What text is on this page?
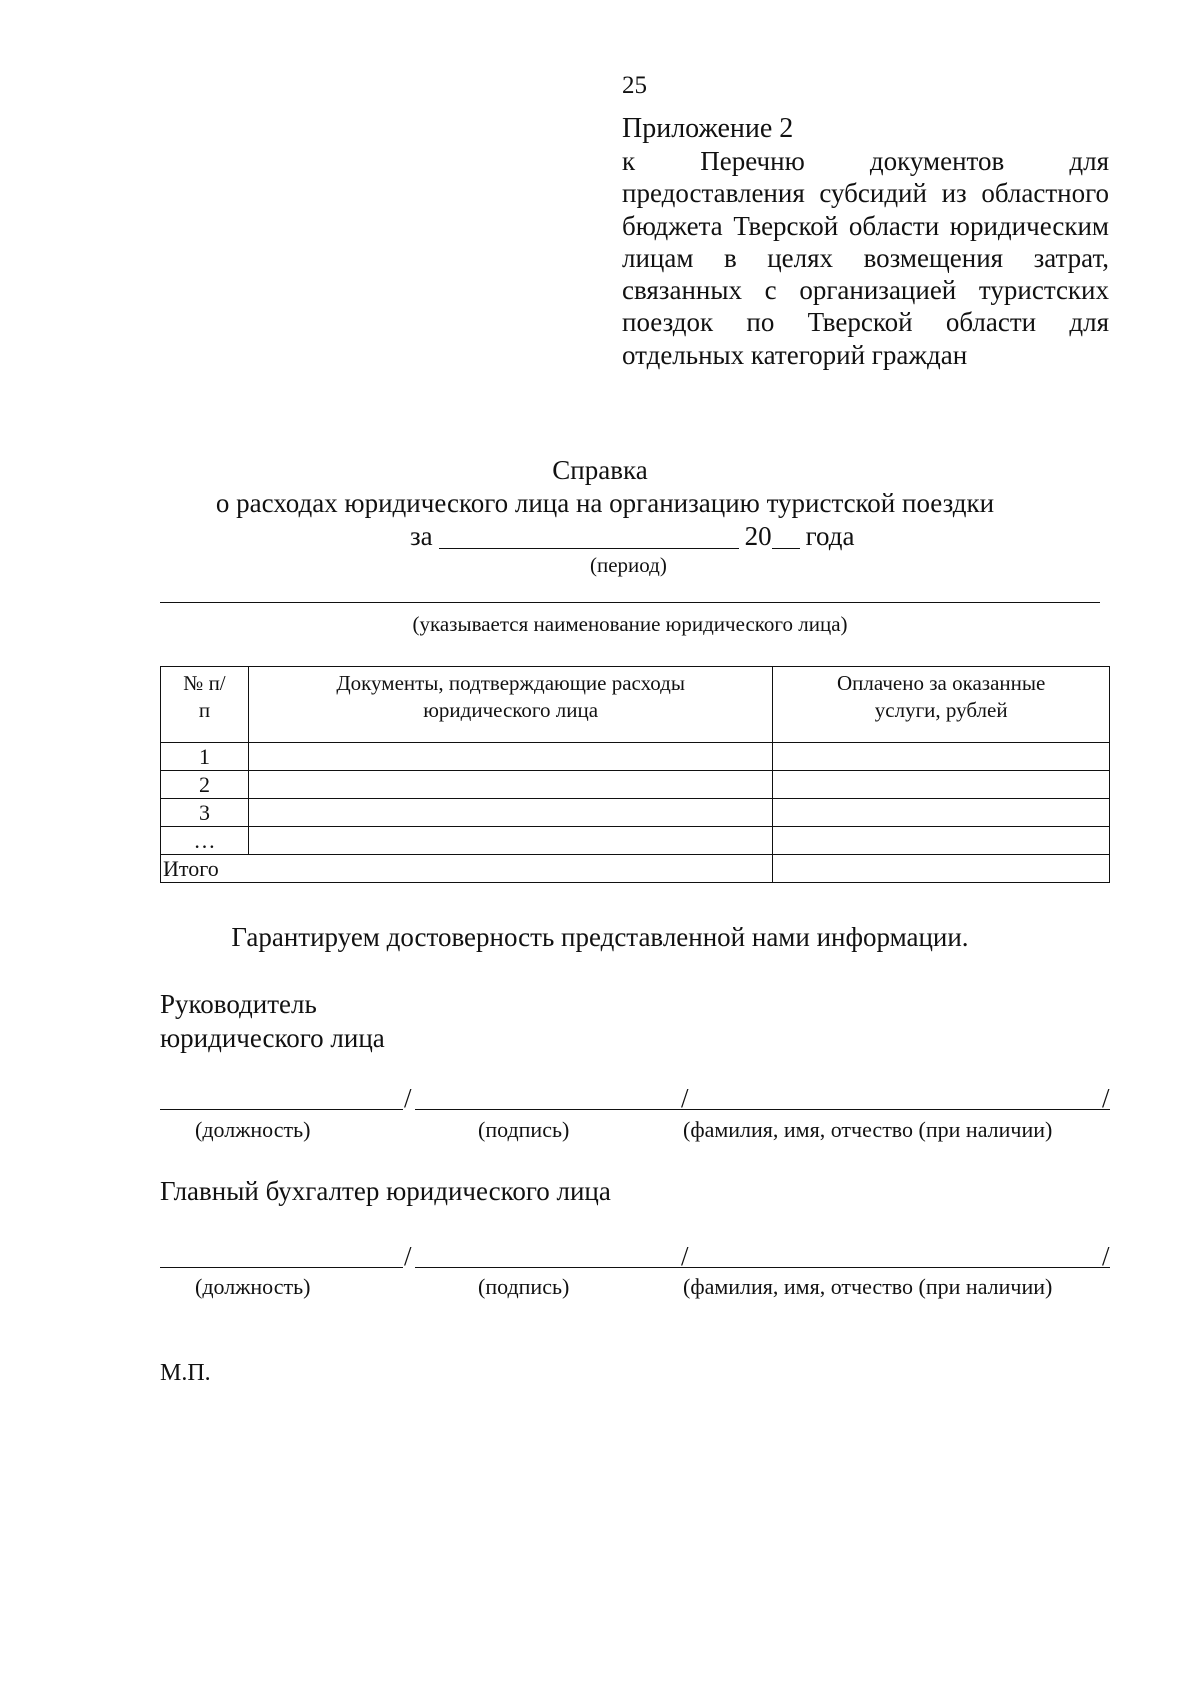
25
Приложение 2
к Перечню документов для предоставления субсидий из областного бюджета Тверской области юридическим лицам в целях возмещения затрат, связанных с организацией туристских поездок по Тверской области для отдельных категорий граждан
Справка
о расходах юридического лица на организацию туристской поездки
за	20 года
(период)
(указывается наименование юридического лица)
№ п/п	Документы, подтверждающие расходы юридического лица	Оплачено за оказанные услуги, рублей
1		
2		
3		
…		
Итого		
Гарантируем достоверность представленной нами информации.
Руководитель
юридического лица
/	/	/
(должность)	(подпись)	(фамилия, имя, отчество (при наличии)
Главный бухгалтер юридического лица
/	/	/
(должность)	(подпись)	(фамилия, имя, отчество (при наличии)
М.П.
